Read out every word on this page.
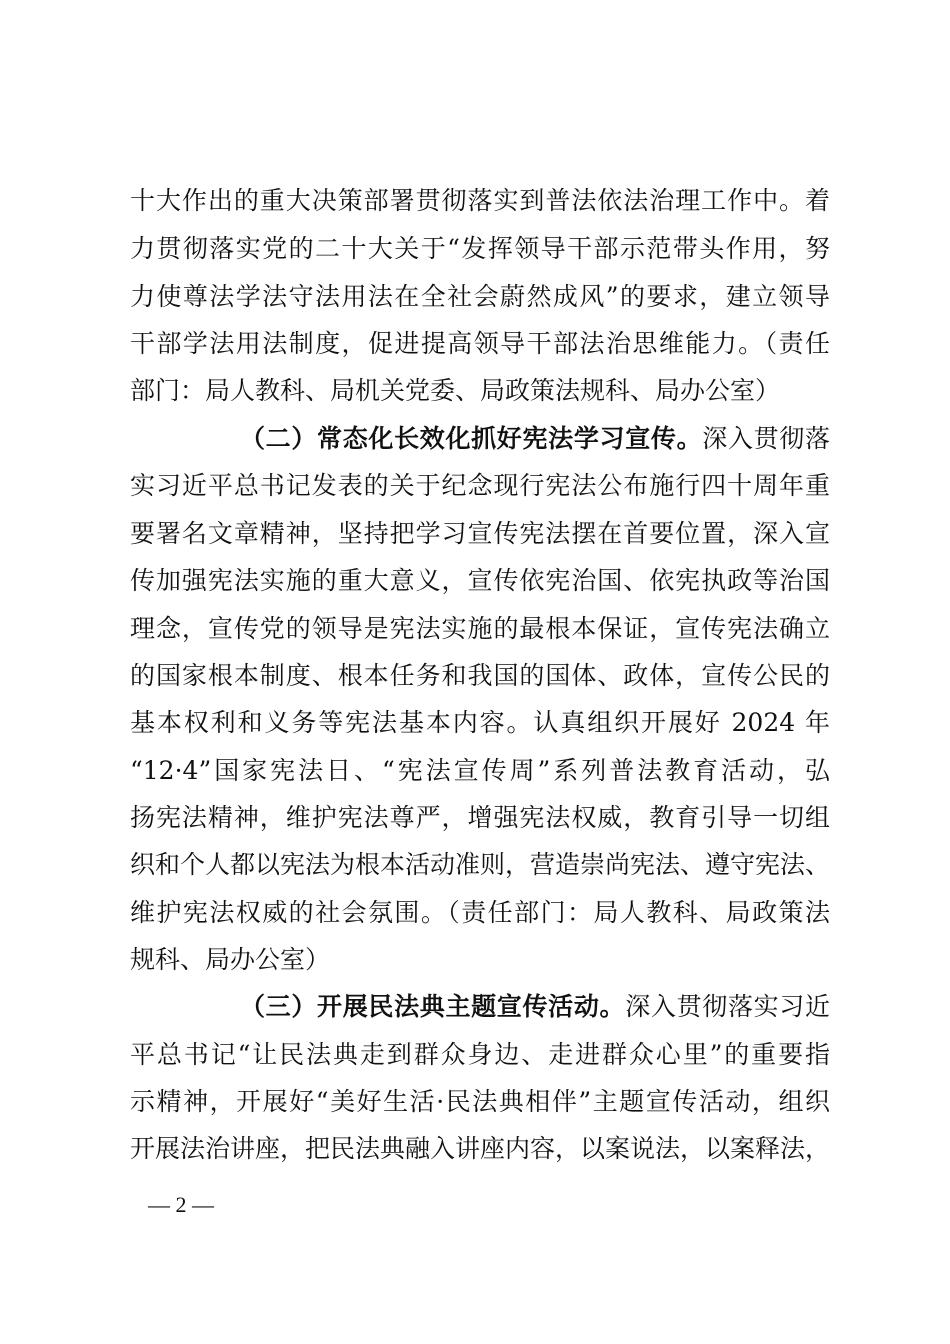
十大作出的重大决策部署贯彻落实到普法依法治理工作中。着
力贯彻落实党的二十大关于“发挥领导干部示范带头作用，努
力使尊法学法守法用法在全社会蔚然成风”的要求，建立领导
干部学法用法制度，促进提高领导干部法治思维能力。（责任
部门：局人教科、局机关党委、局政策法规科、局办公室）
（二）常态化长效化抓好宪法学习宣传。深入贯彻落
实习近平总书记发表的关于纪念现行宪法公布施行四十周年重
要署名文章精神，坚持把学习宣传宪法摆在首要位置，深入宣
传加强宪法实施的重大意义，宣传依宪治国、依宪执政等治国
理念，宣传党的领导是宪法实施的最根本保证，宣传宪法确立
的国家根本制度、根本任务和我国的国体、政体，宣传公民的
基本权利和义务等宪法基本内容。认真组织开展好 2024 年
“12·4”国家宪法日、“宪法宣传周”系列普法教育活动，弘
扬宪法精神，维护宪法尊严，增强宪法权威，教育引导一切组
织和个人都以宪法为根本活动准则，营造崇尚宪法、遵守宪法、
维护宪法权威的社会氛围。（责任部门：局人教科、局政策法
规科、局办公室）
（三）开展民法典主题宣传活动。深入贯彻落实习近
平总书记“让民法典走到群众身边、走进群众心里”的重要指
示精神，开展好“美好生活·民法典相伴”主题宣传活动，组织
开展法治讲座，把民法典融入讲座内容，以案说法，以案释法，
— 2 —
